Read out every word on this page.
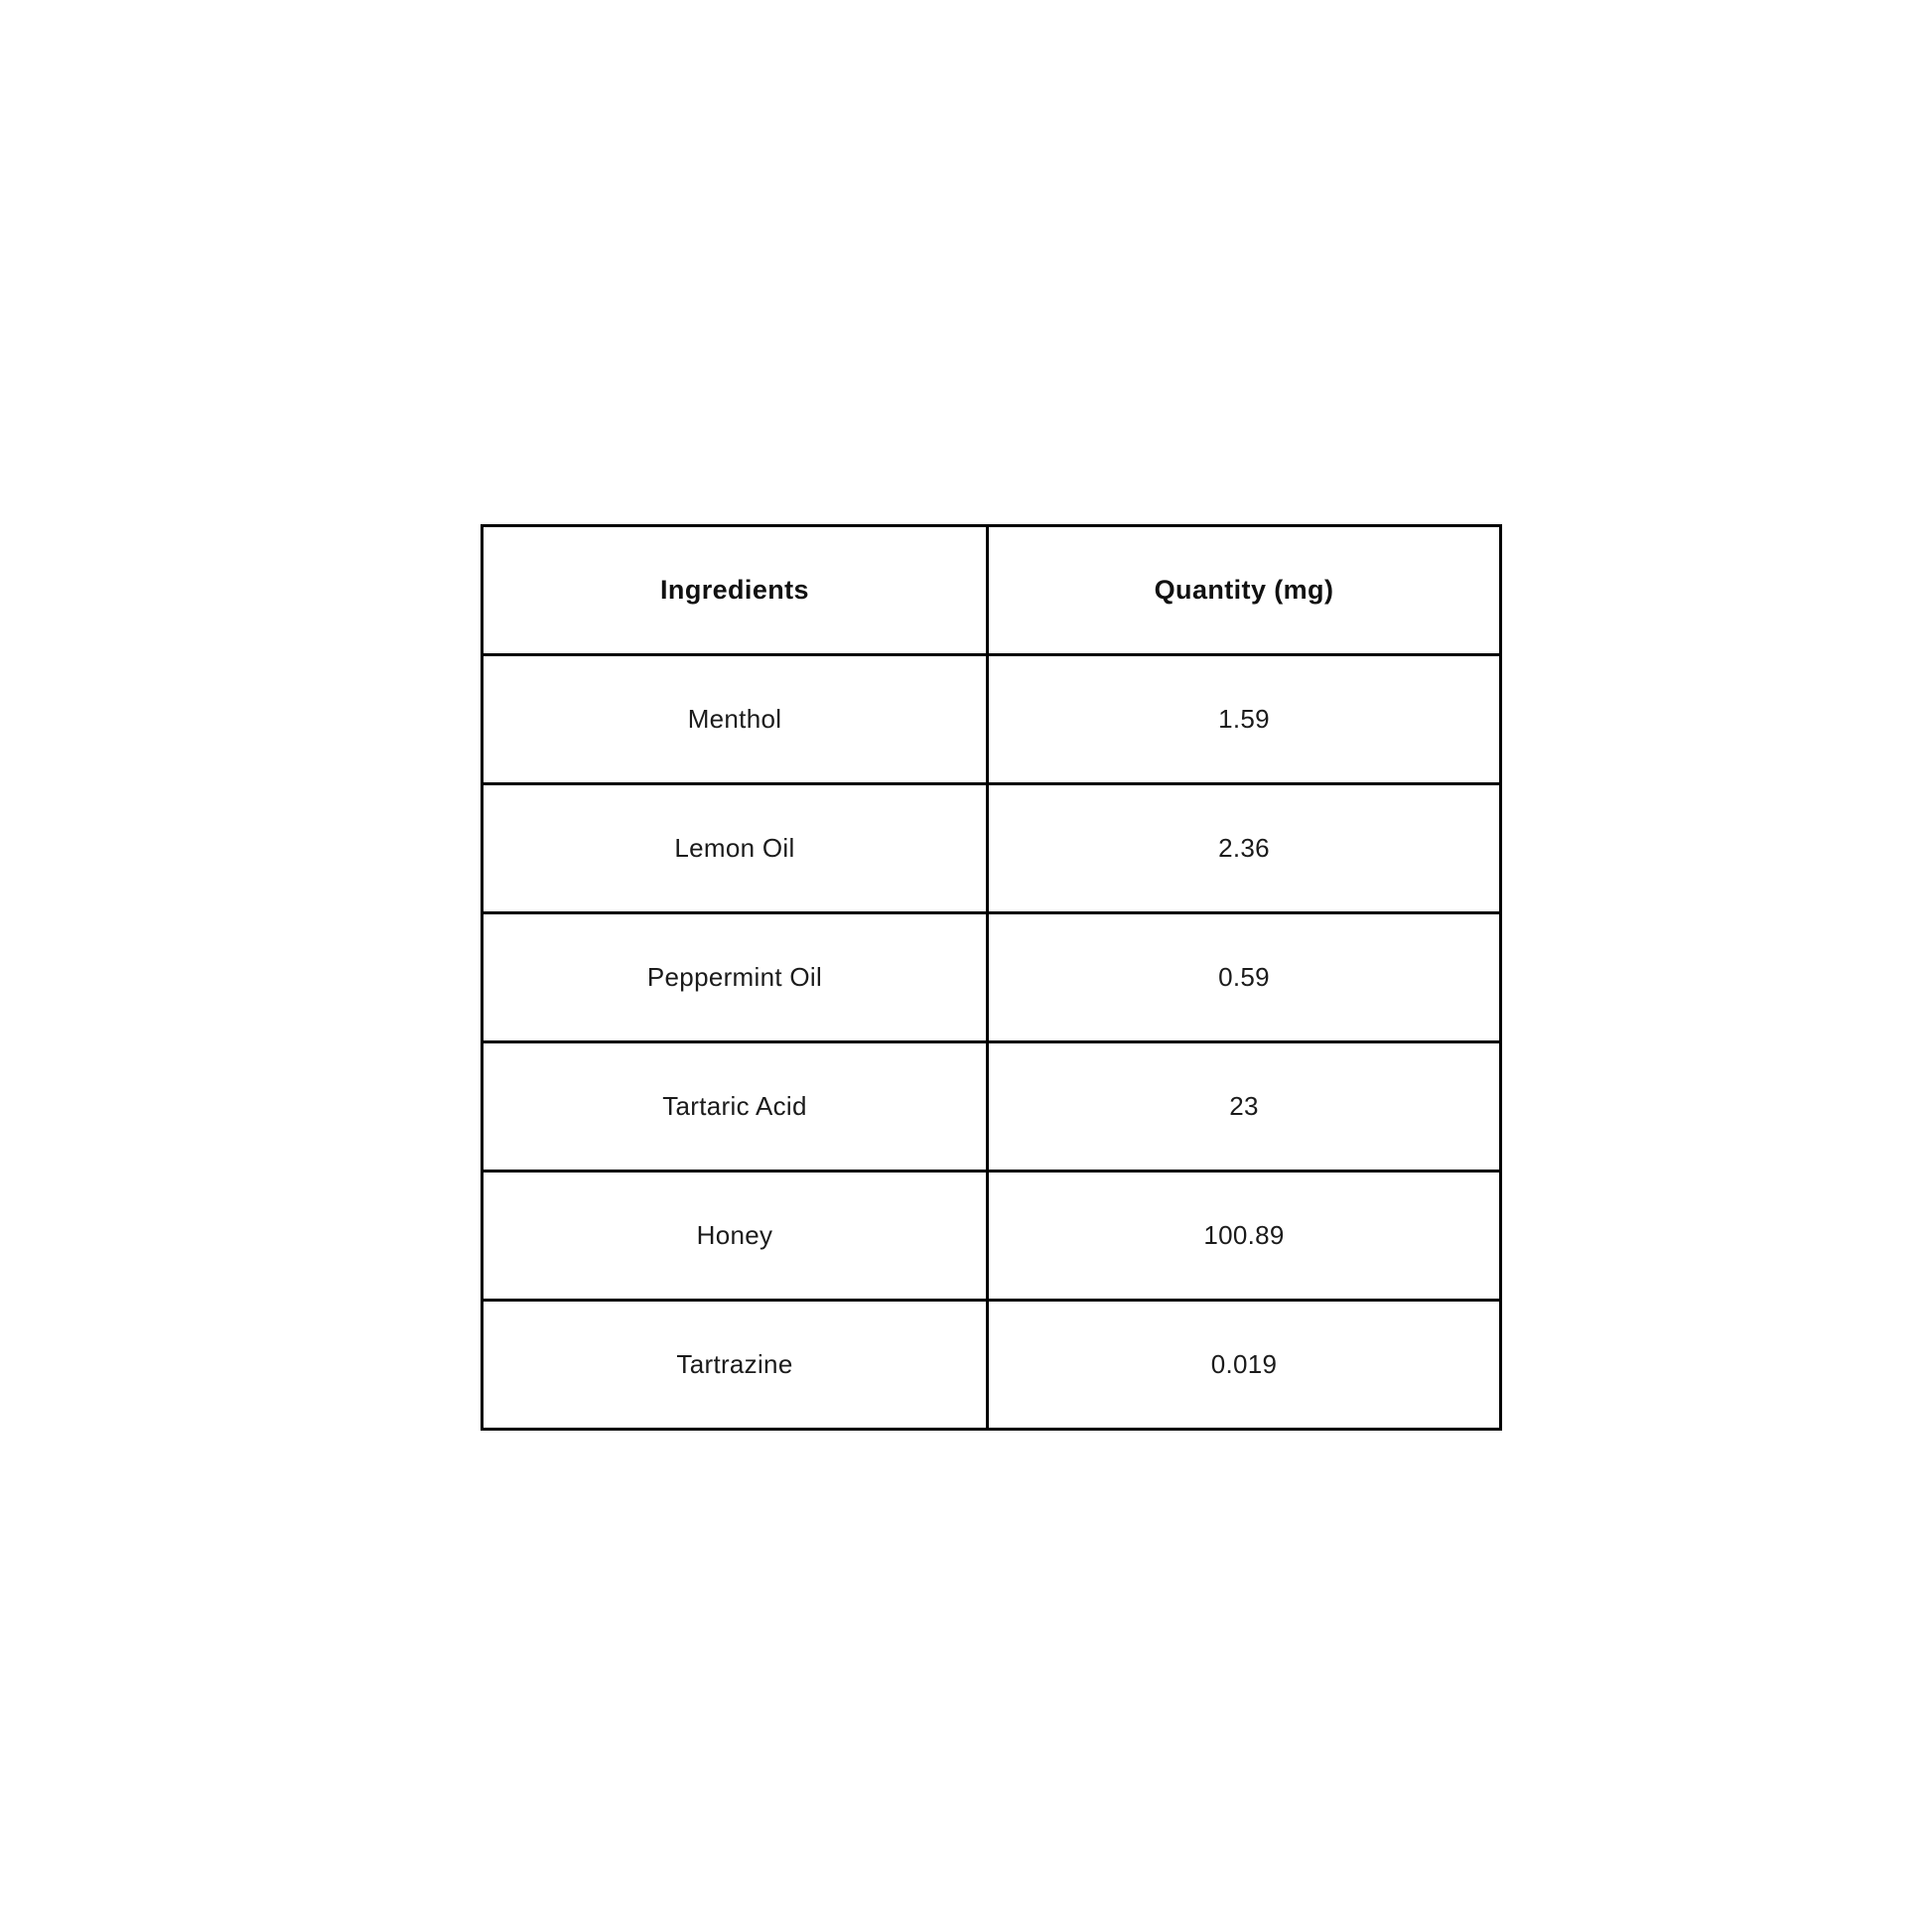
Ingredients	Quantity (mg)
Menthol	1.59
Lemon Oil	2.36
Peppermint Oil	0.59
Tartaric Acid	23
Honey	100.89
Tartrazine	0.019
